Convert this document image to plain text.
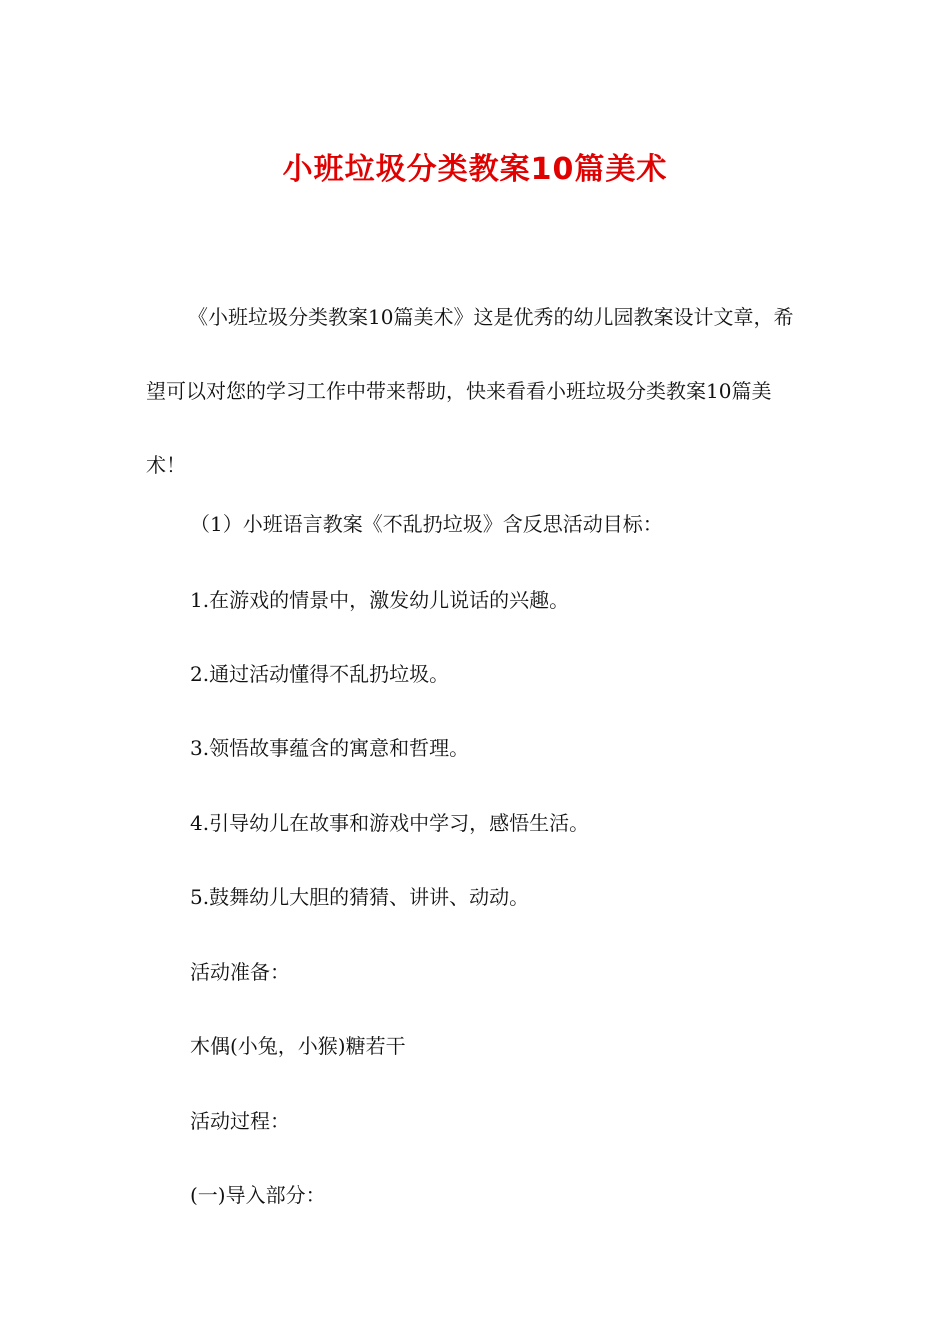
小班垃圾分类教案10篇美术

《小班垃圾分类教案10篇美术》这是优秀的幼儿园教案设计文章，希望可以对您的学习工作中带来帮助，快来看看小班垃圾分类教案10篇美术！

（1）小班语言教案《不乱扔垃圾》含反思活动目标：

1.在游戏的情景中，激发幼儿说话的兴趣。

2.通过活动懂得不乱扔垃圾。

3.领悟故事蕴含的寓意和哲理。

4.引导幼儿在故事和游戏中学习，感悟生活。

5.鼓舞幼儿大胆的猜猜、讲讲、动动。

活动准备：

木偶(小兔，小猴)糖若干

活动过程：

(一)导入部分：
